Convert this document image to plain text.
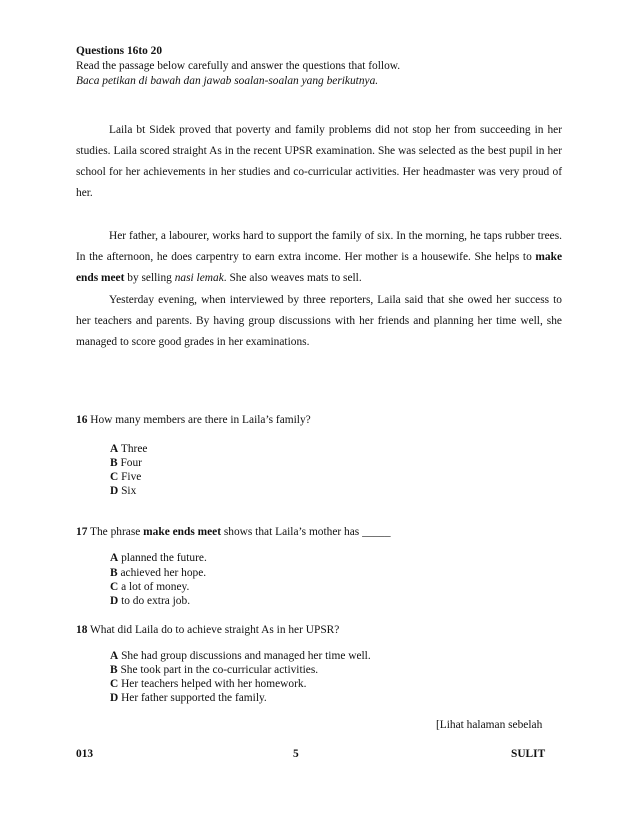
Questions 16to 20
Read the passage below carefully and answer the questions that follow.
Baca petikan di bawah dan jawab soalan-soalan yang berikutnya.
Laila bt Sidek proved that poverty and family problems did not stop her from succeeding in her studies. Laila scored straight As in the recent UPSR examination. She was selected as the best pupil in her school for her achievements in her studies and co-curricular activities. Her headmaster was very proud of her.
Her father, a labourer, works hard to support the family of six. In the morning, he taps rubber trees. In the afternoon, he does carpentry to earn extra income. Her mother is a housewife. She helps to make ends meet by selling nasi lemak. She also weaves mats to sell.
Yesterday evening, when interviewed by three reporters, Laila said that she owed her success to her teachers and parents. By having group discussions with her friends and planning her time well, she managed to score good grades in her examinations.
16 How many members are there in Laila’s family?
A Three
B Four
C Five
D Six
17 The phrase make ends meet shows that Laila’s mother has _____
A planned the future.
B achieved her hope.
C a lot of money.
D to do extra job.
18 What did Laila do to achieve straight As in her UPSR?
A She had group discussions and managed her time well.
B She took part in the co-curricular activities.
C Her teachers helped with her homework.
D Her father supported the family.
[Lihat halaman sebelah
013	5	SULIT
